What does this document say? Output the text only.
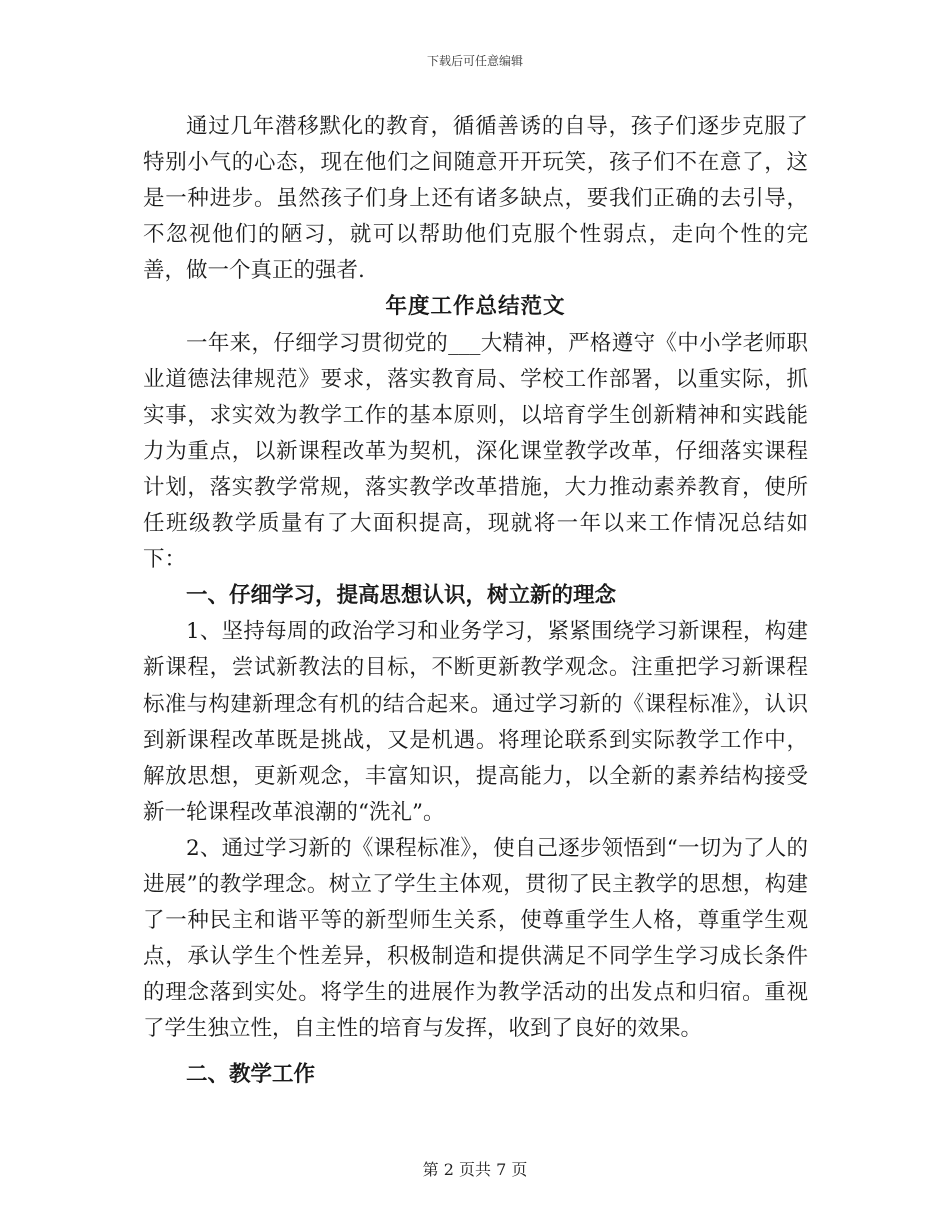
下载后可任意编辑

通过几年潜移默化的教育，循循善诱的自导，孩子们逐步克服了特别小气的心态，现在他们之间随意开开玩笑，孩子们不在意了，这是一种进步。虽然孩子们身上还有诸多缺点，要我们正确的去引导，不忽视他们的陋习，就可以帮助他们克服个性弱点，走向个性的完善，做一个真正的强者.

年度工作总结范文

一年来，仔细学习贯彻党的___大精神，严格遵守《中小学老师职业道德法律规范》要求，落实教育局、学校工作部署，以重实际，抓实事，求实效为教学工作的基本原则，以培育学生创新精神和实践能力为重点，以新课程改革为契机，深化课堂教学改革，仔细落实课程计划，落实教学常规，落实教学改革措施，大力推动素养教育，使所任班级教学质量有了大面积提高，现就将一年以来工作情况总结如下：

一、仔细学习，提高思想认识，树立新的理念

1、坚持每周的政治学习和业务学习，紧紧围绕学习新课程，构建新课程，尝试新教法的目标，不断更新教学观念。注重把学习新课程标准与构建新理念有机的结合起来。通过学习新的《课程标准》，认识到新课程改革既是挑战，又是机遇。将理论联系到实际教学工作中，解放思想，更新观念，丰富知识，提高能力，以全新的素养结构接受新一轮课程改革浪潮的“洗礼”。

2、通过学习新的《课程标准》，使自己逐步领悟到“一切为了人的进展”的教学理念。树立了学生主体观，贯彻了民主教学的思想，构建了一种民主和谐平等的新型师生关系，使尊重学生人格，尊重学生观点，承认学生个性差异，积极制造和提供满足不同学生学习成长条件的理念落到实处。将学生的进展作为教学活动的出发点和归宿。重视了学生独立性，自主性的培育与发挥，收到了良好的效果。

二、教学工作

第 2 页共 7 页
